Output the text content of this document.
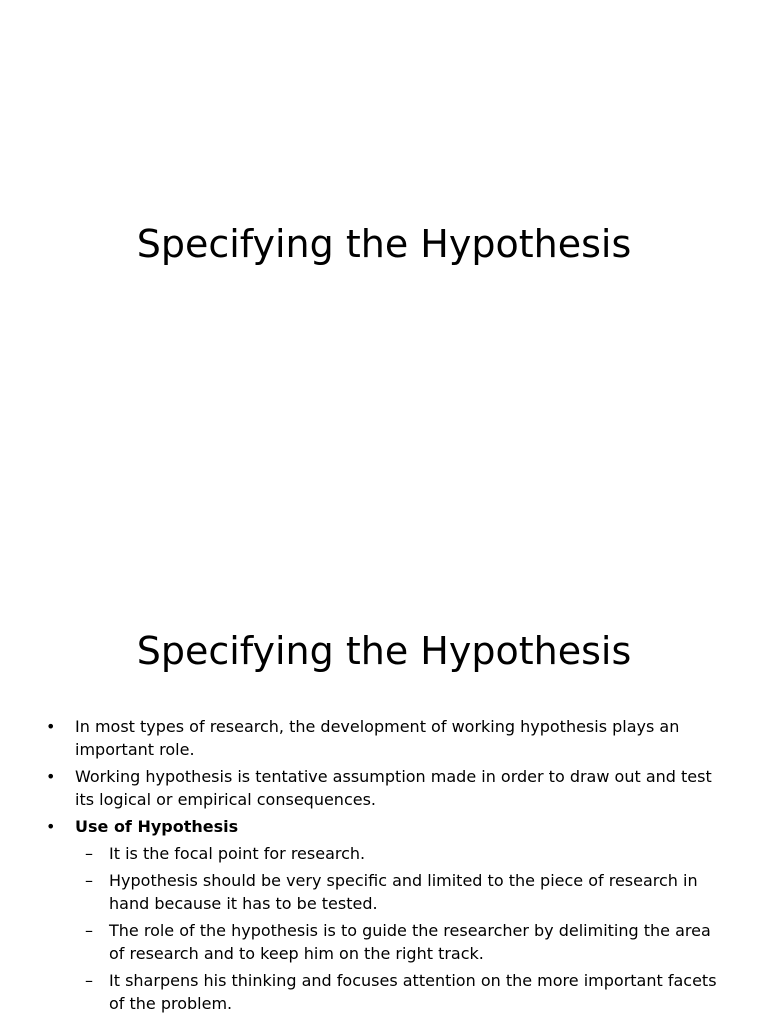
Specifying the Hypothesis
Specifying the Hypothesis
• In most types of research, the development of working hypothesis plays an important role.
• Working hypothesis is tentative assumption made in order to draw out and test its logical or empirical consequences.
• Use of Hypothesis
– It is the focal point for research.
– Hypothesis should be very specific and limited to the piece of research in hand because it has to be tested.
– The role of the hypothesis is to guide the researcher by delimiting the area of research and to keep him on the right track.
– It sharpens his thinking and focuses attention on the more important facets of the problem.
